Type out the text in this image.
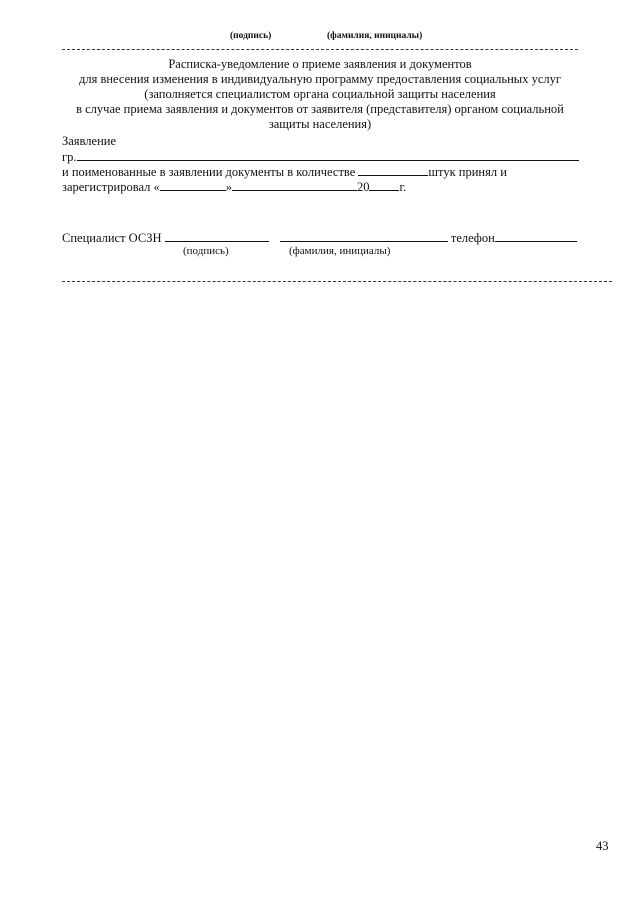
(подпись)	(фамилия, инициалы)
Расписка-уведомление о приеме заявления и документов
для внесения изменения в индивидуальную программу предоставления социальных услуг
(заполняется специалистом органа социальной защиты населения
в случае приема заявления и документов от заявителя (представителя) органом социальной
защиты населения)
Заявление
гр.
и поименованные в заявлении документы в количестве	штук принял и
зарегистрировал «	»	20 г.
Специалист ОСЗН	телефон
(подпись)	(фамилия, инициалы)
43
